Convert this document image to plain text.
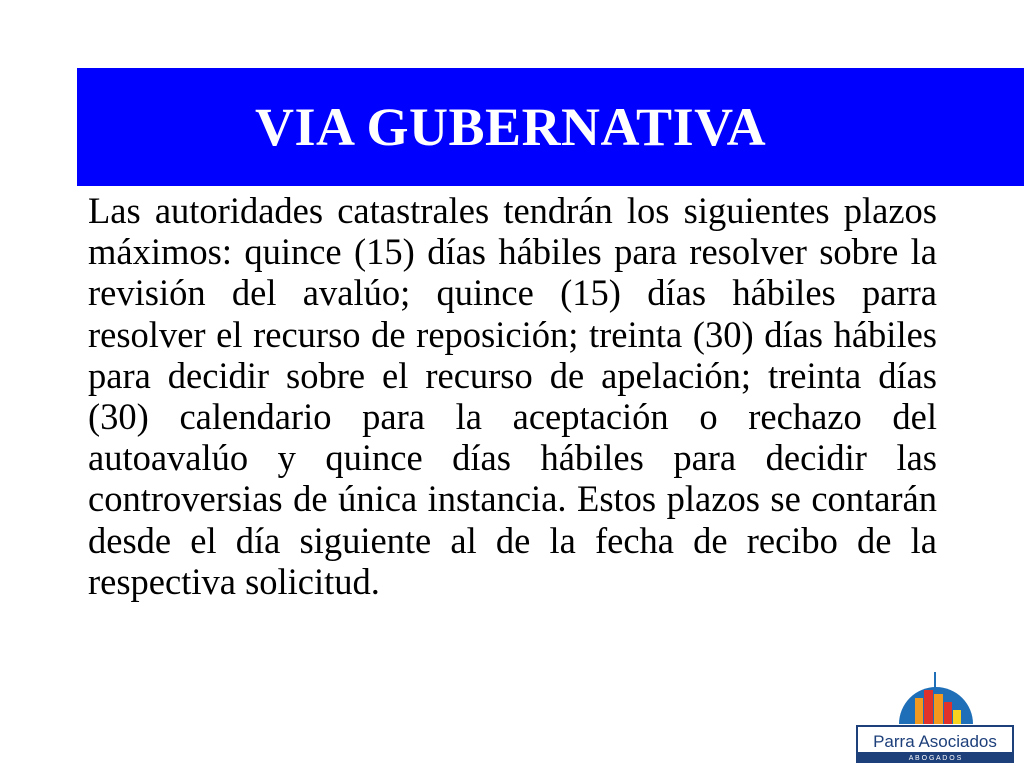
VIA GUBERNATIVA

Las autoridades catastrales tendrán los siguientes plazos máximos: quince (15) días hábiles para resolver sobre la revisión del avalúo; quince (15) días hábiles parra resolver el recurso de reposición; treinta (30) días hábiles para decidir sobre el recurso de apelación; treinta días (30) calendario para la aceptación o rechazo del autoavalúo y quince días hábiles para decidir las controversias de única instancia. Estos plazos se contarán desde el día siguiente al de la fecha de recibo de la respectiva solicitud.

Parra Asociados
A B O G A D O S
